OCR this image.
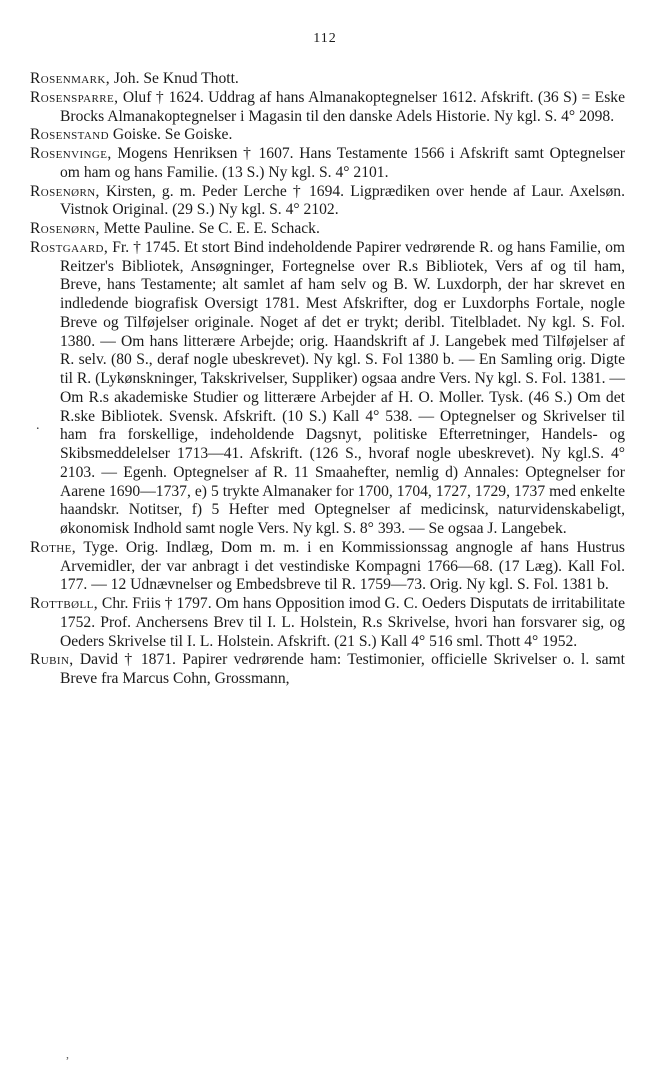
112

Rosenmark, Joh. Se Knud Thott.

Rosensparre, Oluf † 1624. Uddrag af hans Almanakoptegnelser 1612. Afskrift. (36 S) = Eske Brocks Almanakoptegnelser i Magasin til den danske Adels Historie. Ny kgl. S. 4° 2098.

Rosenstand Goiske. Se Goiske.

Rosenvinge, Mogens Henriksen † 1607. Hans Testamente 1566 i Afskrift samt Optegnelser om ham og hans Familie. (13 S.) Ny kgl. S. 4° 2101.

Rosenørn, Kirsten, g. m. Peder Lerche † 1694. Ligprædiken over hende af Laur. Axelsøn. Vistnok Original. (29 S.) Ny kgl. S. 4° 2102.

Rosenørn, Mette Pauline. Se C. E. E. Schack.

Rostgaard, Fr. † 1745. Et stort Bind indeholdende Papirer vedrørende R. og hans Familie, om Reitzer's Bibliotek, Ansøgninger, Fortegnelse over R.s Bibliotek, Vers af og til ham, Breve, hans Testamente; alt samlet af ham selv og B. W. Luxdorph, der har skrevet en indledende biografisk Oversigt 1781. Mest Afskrifter, dog er Luxdorphs Fortale, nogle Breve og Tilføjelser originale. Noget af det er trykt; deribl. Titelbladet. Ny kgl. S. Fol. 1380. — Om hans litterære Arbejde; orig. Haandskrift af J. Langebek med Tilføjelser af R. selv. (80 S., deraf nogle ubeskrevet). Ny kgl. S. Fol 1380 b. — En Samling orig. Digte til R. (Lykønskninger, Takskrivelser, Suppliker) ogsaa andre Vers. Ny kgl. S. Fol. 1381. — Om R.s akademiske Studier og litterære Arbejder af H. O. Moller. Tysk. (46 S.) Om det R.ske Bibliotek. Svensk. Afskrift. (10 S.) Kall 4° 538. — Optegnelser og Skrivelser til ham fra forskellige, indeholdende Dagsnyt, politiske Efterretninger, Handels- og Skibsmeddelelser 1713—41. Afskrift. (126 S., hvoraf nogle ubeskrevet). Ny kgl.S. 4° 2103. — Egenh. Optegnelser af R. 11 Smaahefter, nemlig d) Annales: Optegnelser for Aarene 1690—1737, e) 5 trykte Almanaker for 1700, 1704, 1727, 1729, 1737 med enkelte haandskr. Notitser, f) 5 Hefter med Optegnelser af medicinsk, naturvidenskabeligt, økonomisk Indhold samt nogle Vers. Ny kgl. S. 8° 393. — Se ogsaa J. Langebek.

Rothe, Tyge. Orig. Indlæg, Dom m. m. i en Kommissionssag angnogle af hans Hustrus Arvemidler, der var anbragt i det vestindiske Kompagni 1766—68. (17 Læg). Kall Fol. 177. — 12 Udnævnelser og Embedsbreve til R. 1759—73. Orig. Ny kgl. S. Fol. 1381 b.

Rottbøll, Chr. Friis † 1797. Om hans Opposition imod G. C. Oeders Disputats de irritabilitate 1752. Prof. Anchersens Brev til I. L. Holstein, R.s Skrivelse, hvori han forsvarer sig, og Oeders Skrivelse til I. L. Holstein. Afskrift. (21 S.) Kall 4° 516 sml. Thott 4° 1952.

Rubin, David † 1871. Papirer vedrørende ham: Testimonier, officielle Skrivelser o. l. samt Breve fra Marcus Cohn, Grossmann,

.
,
